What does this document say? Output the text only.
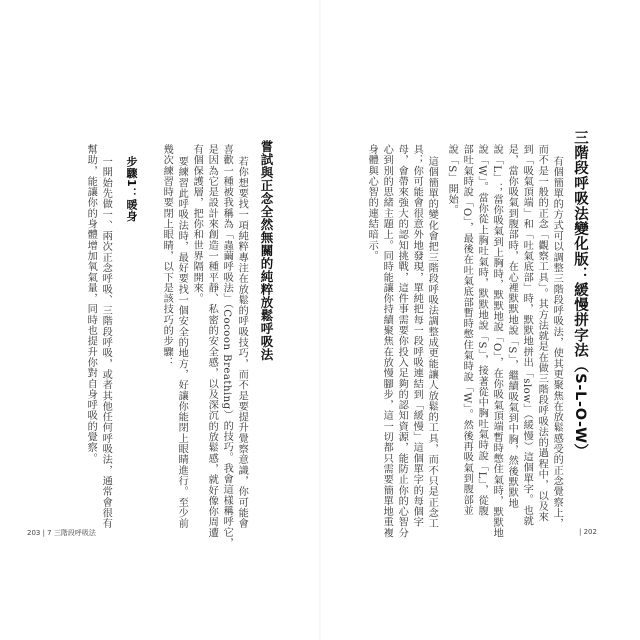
三階段呼吸法變化版：緩慢拼字法（S-L-O-W）
有個簡單的方式可以調整三階段呼吸法，使其更聚焦在放鬆感受的正念覺察上，
而不是一般的正念「觀察工具」。其方法就是在做三階段呼吸法的過程中，以及來
到「吸氣頂端」和「吐氣底部」時，默默地拼出「slow」（緩慢）這個單字。也就
是，當你吸氣到腹部時，在心裡默默地說「S」，繼續吸氣到中胸，然後默默地
說「L」；當你吸氣到上胸時，默默地說「O」，在你吸氣頂端暫時憋住氣時，默默地
說「W」。當你從上胸吐氣時，默默地說「S」，接著從中胸吐氣時說「L」，從腹
部吐氣時說「O」，最後在吐氣底部暫時憋住氣時說「W」。然後再吸氣到腹部並
說「S」開始。
這個簡單的變化會把三階段呼吸法調整成更能讓人放鬆的工具，而不只是正念工
具；你可能會很意外地發現，單純把每一段呼吸連結到「緩慢」這個單字的每個字
母，會帶來強大的認知挑戰，這件事需要你投入足夠的認知資源，能防止你的心智分
心到別的思緒主題上。同時能讓你持續聚焦在放慢腳步，這一切都只需要簡單地重複
身體與心智的連結暗示。
| 202
嘗試與正念全然無關的純粹放鬆呼吸法
若你想要找一項純粹專注在放鬆的呼吸技巧，而不是要提升覺察意識，你可能會
喜歡一種被我稱為「蟲繭呼吸法」（Cocoon Breathing）的技巧。我會這樣稱呼它，
是因為它是設計來創造一種平靜、私密的安全感，以及深沉的放鬆感，就好像你周遭
有個保護層，把你和世界隔開來。
要練習此呼吸法時，最好要找一個安全的地方，好讓你能閉上眼睛進行。至少前
幾次練習時要閉上眼睛，以下是該技巧的步驟：
步驟1：暖身
一開始先做一、兩次正念呼吸、三階段呼吸，或者其他任何呼吸法，通常會很有
幫助，能讓你的身體增加氧氣量，同時也提升你對自身呼吸的覺察。
203 | 7 三階段呼吸法
